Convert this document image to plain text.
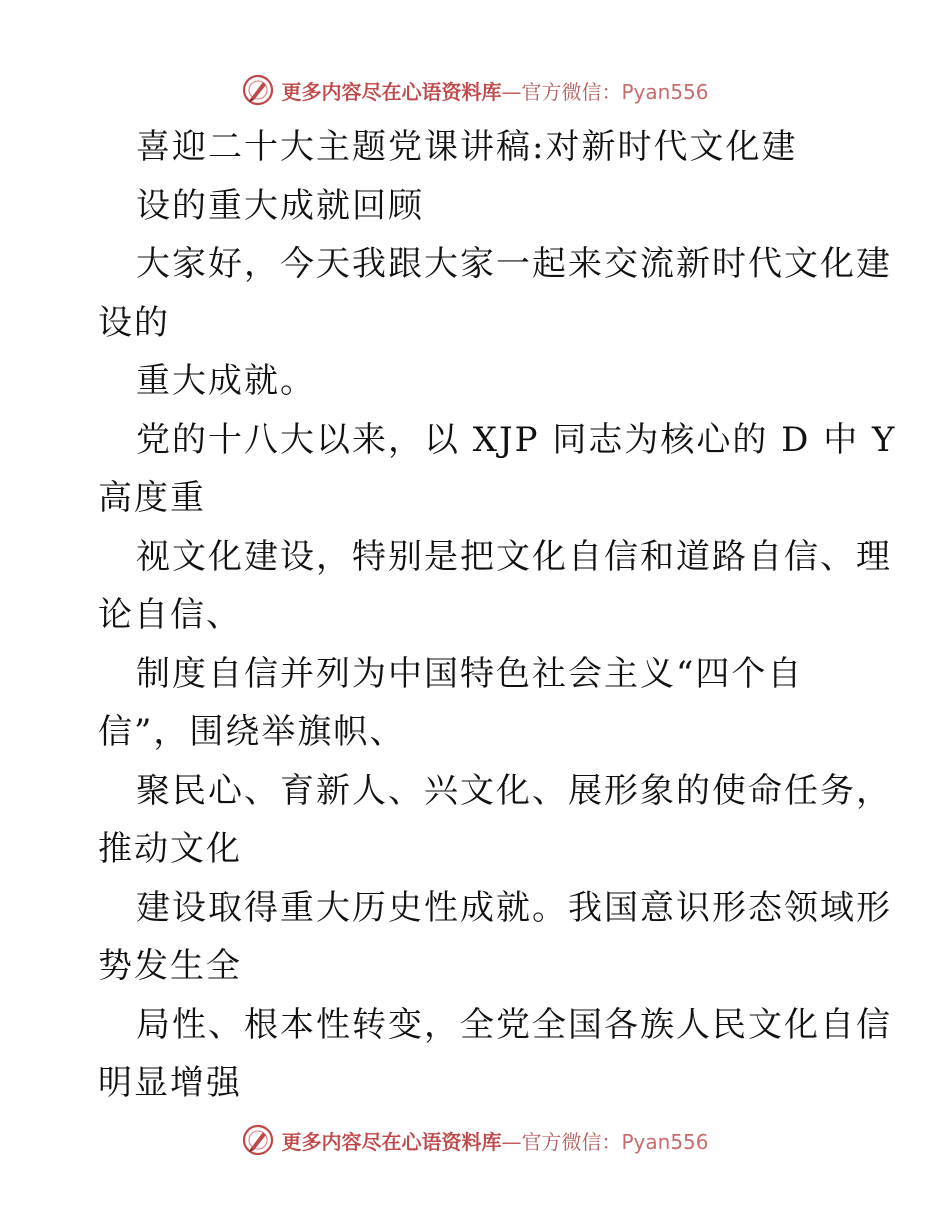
更多内容尽在心语资料库—官方微信：Pyan556
喜迎二十大主题党课讲稿:对新时代文化建
设的重大成就回顾
大家好，今天我跟大家一起来交流新时代文化建
设的
重大成就。
党的十八大以来，以 XJP 同志为核心的 D 中 Y
高度重
视文化建设，特别是把文化自信和道路自信、理
论自信、
制度自信并列为中国特色社会主义“四个自
信”，围绕举旗帜、
聚民心、育新人、兴文化、展形象的使命任务，
推动文化
建设取得重大历史性成就。我国意识形态领域形
势发生全
局性、根本性转变，全党全国各族人民文化自信
明显增强
更多内容尽在心语资料库—官方微信：Pyan556
